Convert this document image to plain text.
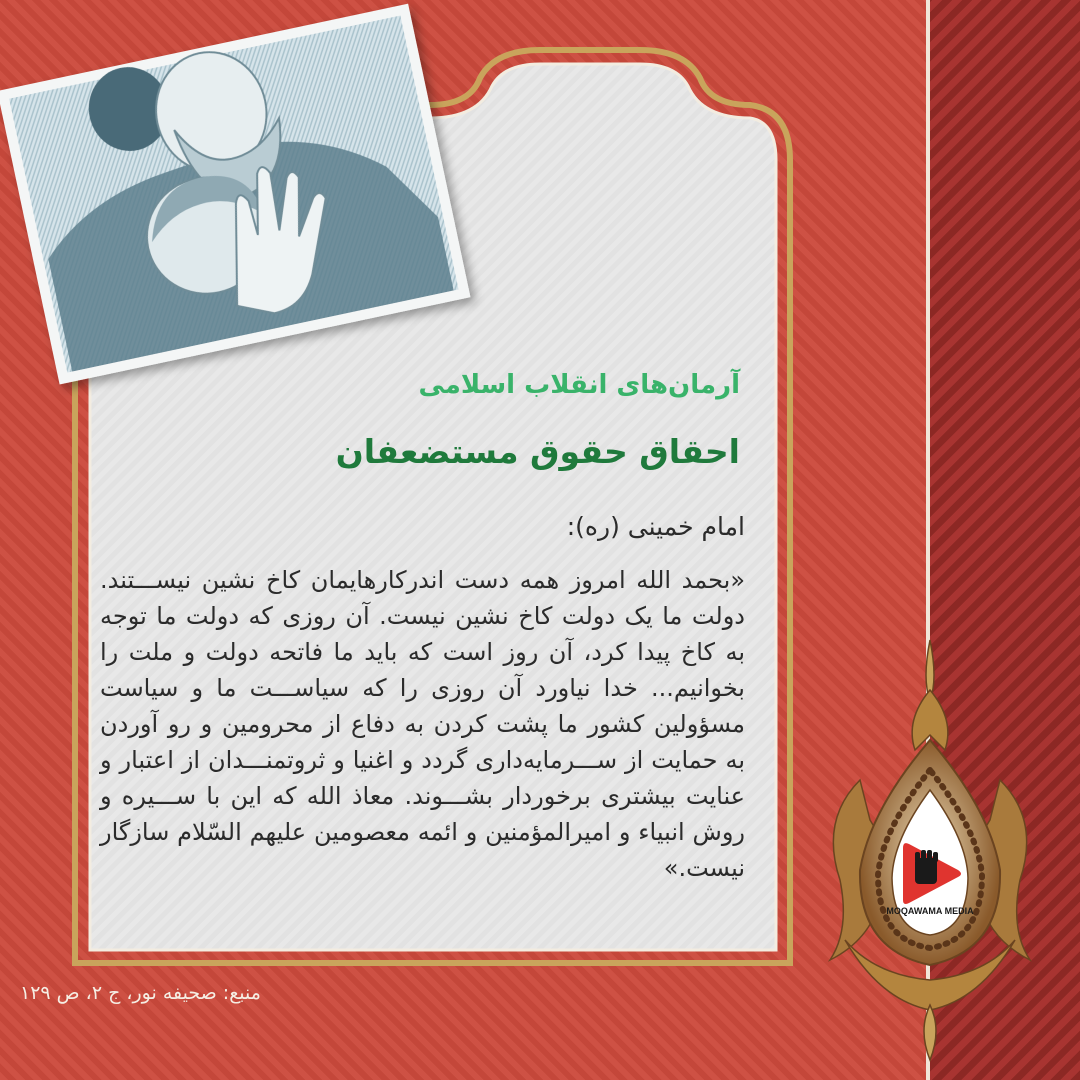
آرمان‌های انقلاب اسلامی
احقاق حقوق مستضعفان
امام خمینی (ره):
«بحمد الله امروز همه دست اندرکارهایمان کاخ نشین نیســـتند. دولت ما یک دولت کاخ نشین نیست. آن روزی که دولت ما توجه به کاخ پیدا کرد، آن روز است که باید ما فاتحه دولت و ملت را بخوانیم... خدا نیاورد آن روزی را که سیاســـت ما و سیاست مسؤولین کشور ما پشت کردن به دفاع از محرومین و رو آوردن به حمایت از ســـرمایه‌داری گردد و اغنیا و ثروتمنـــدان از اعتبار و عنایت بیشتری برخوردار بشـــوند. معاذ الله که این با ســـیره و روش انبیاء و امیرالمؤمنین و ائمه معصومین علیهم السّلام سازگار نیست.»
منبع: صحیفه نور، ج ۲، ص ۱۲۹
MOQAWAMA MEDIA
